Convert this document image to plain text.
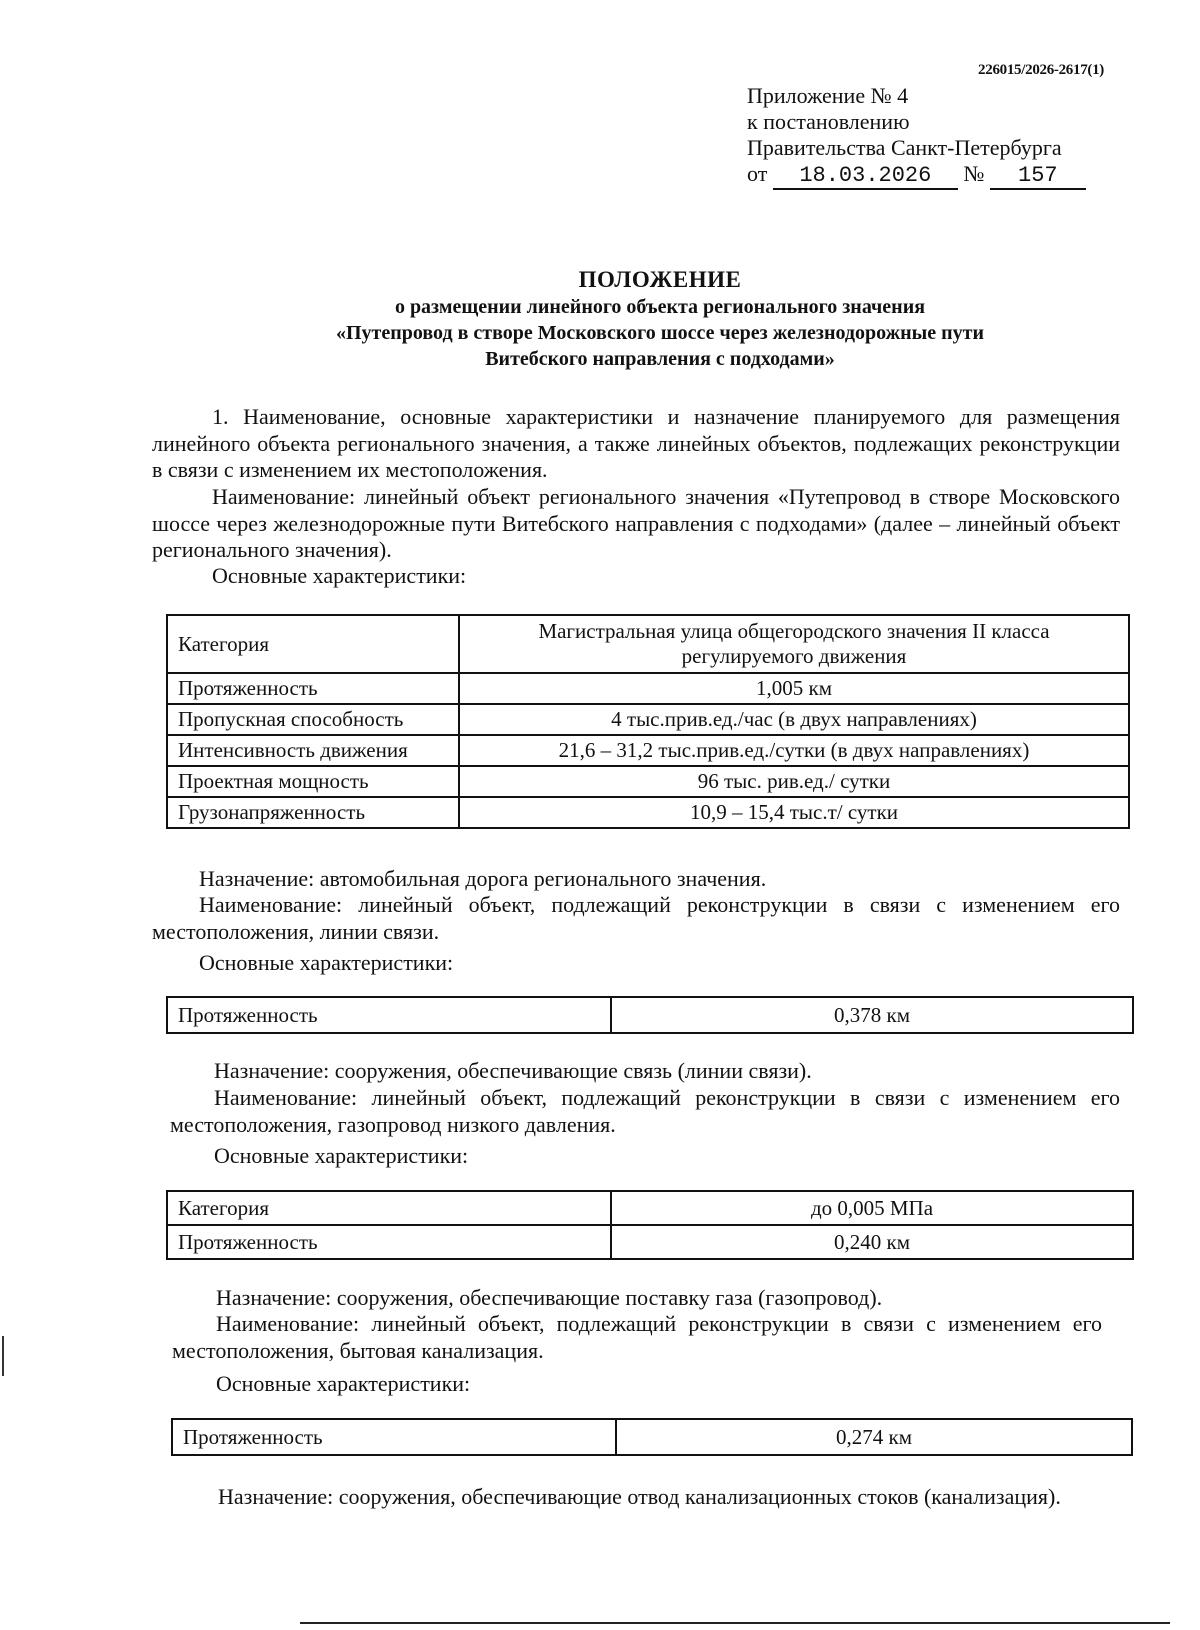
226015/2026-2617(1)
Приложение № 4
к постановлению
Правительства Санкт-Петербурга
от 18.03.2026 № 157
ПОЛОЖЕНИЕ
о размещении линейного объекта регионального значения
«Путепровод в створе Московского шоссе через железнодорожные пути
Витебского направления с подходами»
1. Наименование, основные характеристики и назначение планируемого для размещения линейного объекта регионального значения, а также линейных объектов, подлежащих реконструкции в связи с изменением их местоположения.
Наименование: линейный объект регионального значения «Путепровод в створе Московского шоссе через железнодорожные пути Витебского направления с подходами» (далее – линейный объект регионального значения).
Основные характеристики:
Категория	Магистральная улица общегородского значения II класса регулируемого движения
Протяженность	1,005 км
Пропускная способность	4 тыс.прив.ед./час (в двух направлениях)
Интенсивность движения	21,6 – 31,2 тыс.прив.ед./сутки (в двух направлениях)
Проектная мощность	96 тыс. рив.ед./ сутки
Грузонапряженность	10,9 – 15,4 тыс.т/ сутки
Назначение: автомобильная дорога регионального значения.
Наименование: линейный объект, подлежащий реконструкции в связи с изменением его местоположения, линии связи.
Основные характеристики:
Протяженность	0,378 км
Назначение: сооружения, обеспечивающие связь (линии связи).
Наименование: линейный объект, подлежащий реконструкции в связи с изменением его местоположения, газопровод низкого давления.
Основные характеристики:
Категория	до 0,005 МПа
Протяженность	0,240 км
Назначение: сооружения, обеспечивающие поставку газа (газопровод).
Наименование: линейный объект, подлежащий реконструкции в связи с изменением его местоположения, бытовая канализация.
Основные характеристики:
Протяженность	0,274 км
Назначение: сооружения, обеспечивающие отвод канализационных стоков (канализация).
